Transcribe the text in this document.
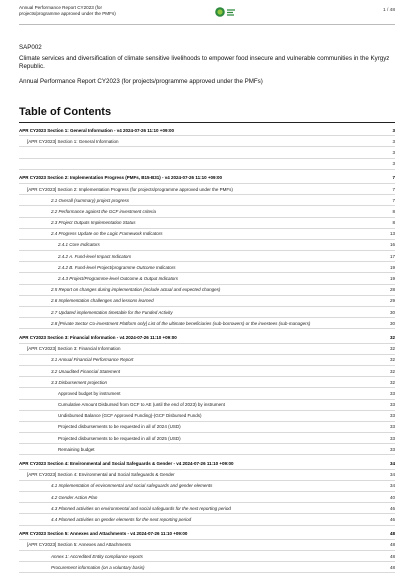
Annual Performance Report CY2023 (for
projects/programme approved under the PMFs)
1 / 48

SAP002

Climate services and diversification of climate sensitive livelihoods to empower food insecure and vulnerable communities in the Kyrgyz Republic.

Annual Performance Report CY2023 (for projects/programme approved under the PMFs)

Table of Contents
APR CY2023 Section 1: General Information - v4 2024-07-26 11:10 +09:00	3
[APR CY2023] Section 1: General Information	3
3
3
APR CY2023 Section 2: Implementation Progress (PMFs, B15-B31) - v4 2024-07-26 11:10 +09:00	7
[APR CY2023] Section 2: Implementation Progress (for projects/programme approved under the PMFs)	7
2.1 Overall (summary) project progress	7
2.2 Performance against the GCF investment criteria	8
2.3 Project Outputs Implementation Status	8
2.4 Progress Update on the Logic Framework Indicators	13
2.4.1 Core Indicators	16
2.4.2 A. Fund-level Impact Indicators	17
2.4.2 B. Fund-level Project/programme Outcome Indicators	19
2.4.3 Project/Programme-level Outcome & Output Indicators	19
2.5 Report on changes during implementation (include actual and expected changes)	28
2.6 Implementation challenges and lessons learned	29
2.7 Updated implementation timetable for the Funded Activity	30
2.8 [Private Sector Co-investment Platform only] List of the ultimate beneficiaries (sub-borrowers) or the investees (sub-managers)	30
APR CY2023 Section 3: Financial Information - v4 2024-07-26 11:10 +09:00	32
[APR CY2023] Section 3: Financial Information	32
3.1 Annual Financial Performance Report	32
3.2 Unaudited Financial Statement	32
3.3 Disbursement projection	32
Approved budget by instrument	33
Cumulative Amount Disbursed from GCF to AE (until the end of 2023) by instrument	33
Undisbursed Balance (GCF Approved Funding)-(GCF Disbursed Funds)	33
Projected disbursements to be requested in all of 2024 (USD)	33
Projected disbursements to be requested in all of 2025 (USD)	33
Remaining budget	33
APR CY2023 Section 4: Environmental and Social Safeguards & Gender - v4 2024-07-26 11:10 +09:00	34
[APR CY2023] Section 4: Environmental and Social Safeguards & Gender	34
4.1 Implementation of environmental and social safeguards and gender elements	34
4.2 Gender Action Plan	40
4.3 Planned activities on environmental and social safeguards for the next reporting period	46
4.4 Planned activities on gender elements for the next reporting period	46
APR CY2023 Section 5: Annexes and Attachments - v4 2024-07-26 11:10 +09:00	48
[APR CY2023] Section 5: Annexes and Attachments	48
Annex 1: Accredited Entity compliance reports	48
Procurement information (on a voluntary basis)	48
